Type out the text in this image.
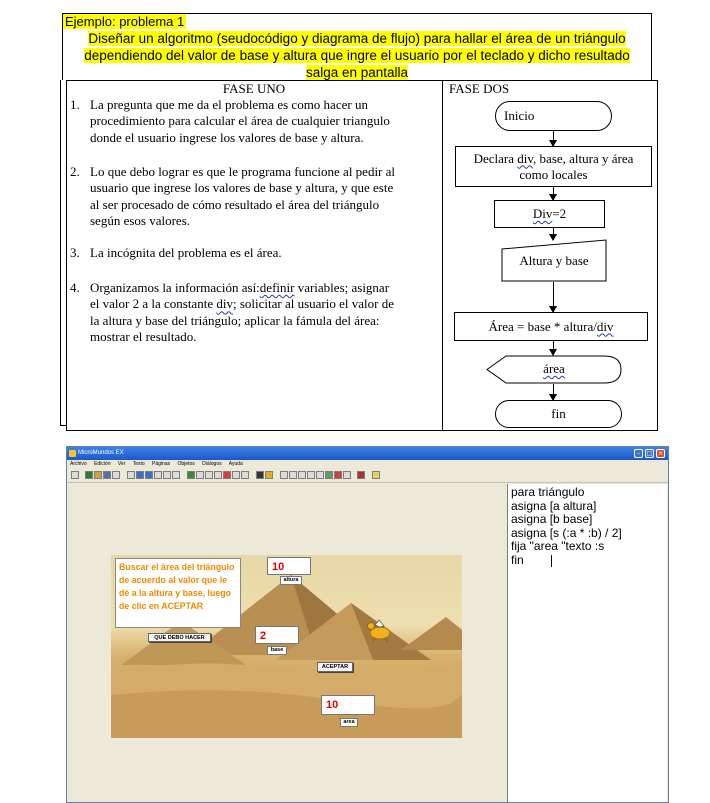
Ejemplo: problema 1
Diseñar un algoritmo (seudocódigo y diagrama de flujo) para hallar el área de un triángulo
dependiendo del valor de base y altura que ingre el usuario por el teclado y dicho resultado
salga en pantalla
FASE UNO	FASE DOS
1. La pregunta que me da el problema es como hacer un
procedimiento para calcular el área de cualquier triangulo
donde el usuario ingrese los valores de base y altura.
2. Lo que debo lograr es que le programa funcione al pedir al
usuario que ingrese los valores de base y altura, y que este
al ser procesado de cómo resultado el área del triángulo
según esos valores.
3. La incógnita del problema es el área.
4. Organizamos la información así:definir variables; asignar
el valor 2 a la constante div; solicitar al usuario el valor de
la altura y base del triángulo; aplicar la fámula del área:
mostrar el resultado.
Inicio
Declara div, base, altura y área
como locales
Div =2
Altura y base
Área = base * altura/ div
área
fin
MicroMundos EX	–	□ ×
Archivo Edición Ver Texto Páginas Objetos Diálogos Ayuda
Buscar el área del triángulo de acuerdo al valor que le dé a la altura y base, luego de clic en ACEPTAR
10
altura
2
base
QUE DEBO HACER
ACEPTAR
10
area
para triángulo
asigna [a altura]
asigna [b base]
asigna [s (:a * :b) / 2]
fija "area "texto :s
fin
